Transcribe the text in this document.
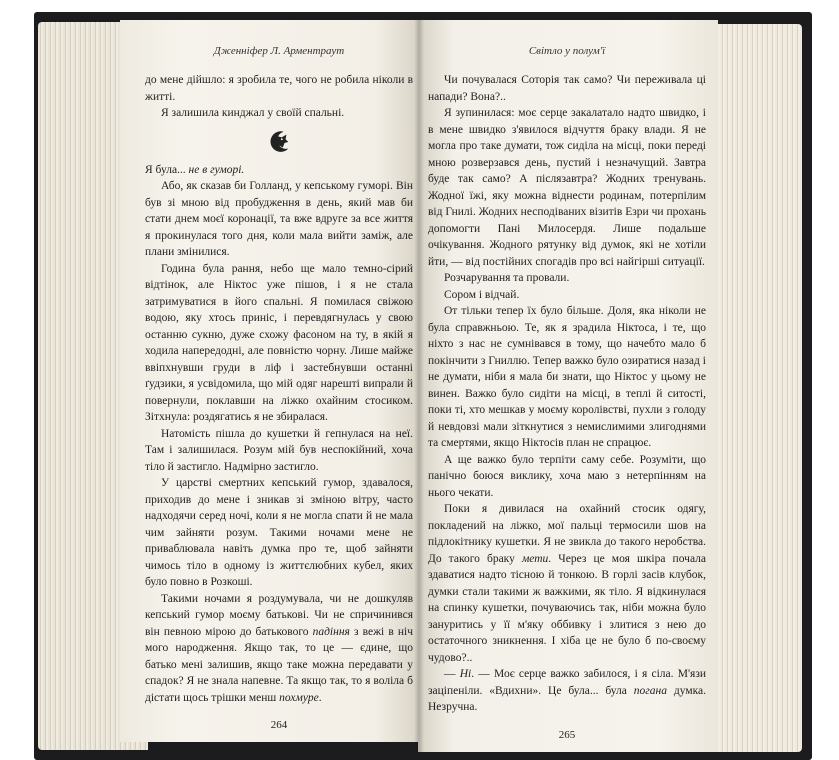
Дженніфер Л. Арментраут

до мене дійшло: я зробила те, чого не робила ніколи в житті.

Я залишила кинджал у своїй спальні.

Я була... не в гуморі.

Або, як сказав би Голланд, у кепському гуморі. Він був зі мною від пробудження в день, який мав би стати днем моєї коронації, та вже вдруге за все життя я прокинулася того дня, коли мала вийти заміж, але плани змінилися.

Година була рання, небо ще мало темно-сірий відтінок, але Ніктос уже пішов, і я не стала затримуватися в його спальні. Я помилася свіжою водою, яку хтось приніс, і перевдягнулась у свою останню сукню, дуже схожу фасоном на ту, в якій я ходила напередодні, але повністю чорну. Лише майже ввіпхнувши груди в ліф і застебнувши останні ґудзики, я усвідомила, що мій одяг нарешті випрали й повернули, поклавши на ліжко охайним стосиком. Зітхнула: роздягатись я не збиралася.

Натомість пішла до кушетки й гепнулася на неї. Там і залишилася. Розум мій був неспокійний, хоча тіло й застигло. Надмірно застигло.

У царстві смертних кепський гумор, здавалося, приходив до мене і зникав зі зміною вітру, часто надходячи серед ночі, коли я не могла спати й не мала чим зайняти розум. Такими ночами мене не приваблювала навіть думка про те, щоб зайняти чимось тіло в одному із життєлюбних кубел, яких було повно в Розкоші.

Такими ночами я роздумувала, чи не дошкуляв кепський гумор моєму батькові. Чи не спричинився він певною мірою до батькового падіння з вежі в ніч мого народження. Якщо так, то це — єдине, що батько мені залишив, якщо таке можна передавати у спадок? Я не знала напевне. Та якщо так, то я воліла б дістати щось трішки менш похмуре.

264
Світло у полум'ї

Чи почувалася Соторія так само? Чи переживала ці напади? Вона?..

Я зупинилася: моє серце закалатало надто швидко, і в мене швидко з'явилося відчуття браку влади. Я не могла про таке думати, тож сиділа на місці, поки переді мною розверзався день, пустий і незначущий. Завтра буде так само? А післязавтра? Жодних тренувань. Жодної їжі, яку можна віднести родинам, потерпілим від Гнилі. Жодних несподіваних візитів Езри чи прохань допомогти Пані Милосердя. Лише подальше очікування. Жодного рятунку від думок, які не хотіли йти, — від постійних спогадів про всі найгірші ситуації.

Розчарування та провали.

Сором і відчай.

От тільки тепер їх було більше. Доля, яка ніколи не була справжньою. Те, як я зрадила Ніктоса, і те, що ніхто з нас не сумнівався в тому, що начебто мало б покінчити з Гниллю. Тепер важко було озиратися назад і не думати, ніби я мала би знати, що Ніктос у цьому не винен. Важко було сидіти на місці, в теплі й ситості, поки ті, хто мешкав у моєму королівстві, пухли з голоду й невдовзі мали зіткнутися з немислимими злигоднями та смертями, якщо Ніктосів план не спрацює.

А ще важко було терпіти саму себе. Розуміти, що панічно боюся виклику, хоча маю з нетерпінням на нього чекати.

Поки я дивилася на охайний стосик одягу, покладений на ліжко, мої пальці термосили шов на підлокітнику кушетки. Я не звикла до такого неробства. До такого браку мети. Через це моя шкіра почала здаватися надто тісною й тонкою. В горлі засів клубок, думки стали такими ж важкими, як тіло. Я відкинулася на спинку кушетки, почуваючись так, ніби можна було зануритись у її м'яку оббивку і злитися з нею до остаточного зникнення. І хіба це не було б по-своєму чудово?..

— Ні. — Моє серце важко забилося, і я сіла. М'язи заціпеніли. «Вдихни». Це була... була погана думка. Незручна.

265
